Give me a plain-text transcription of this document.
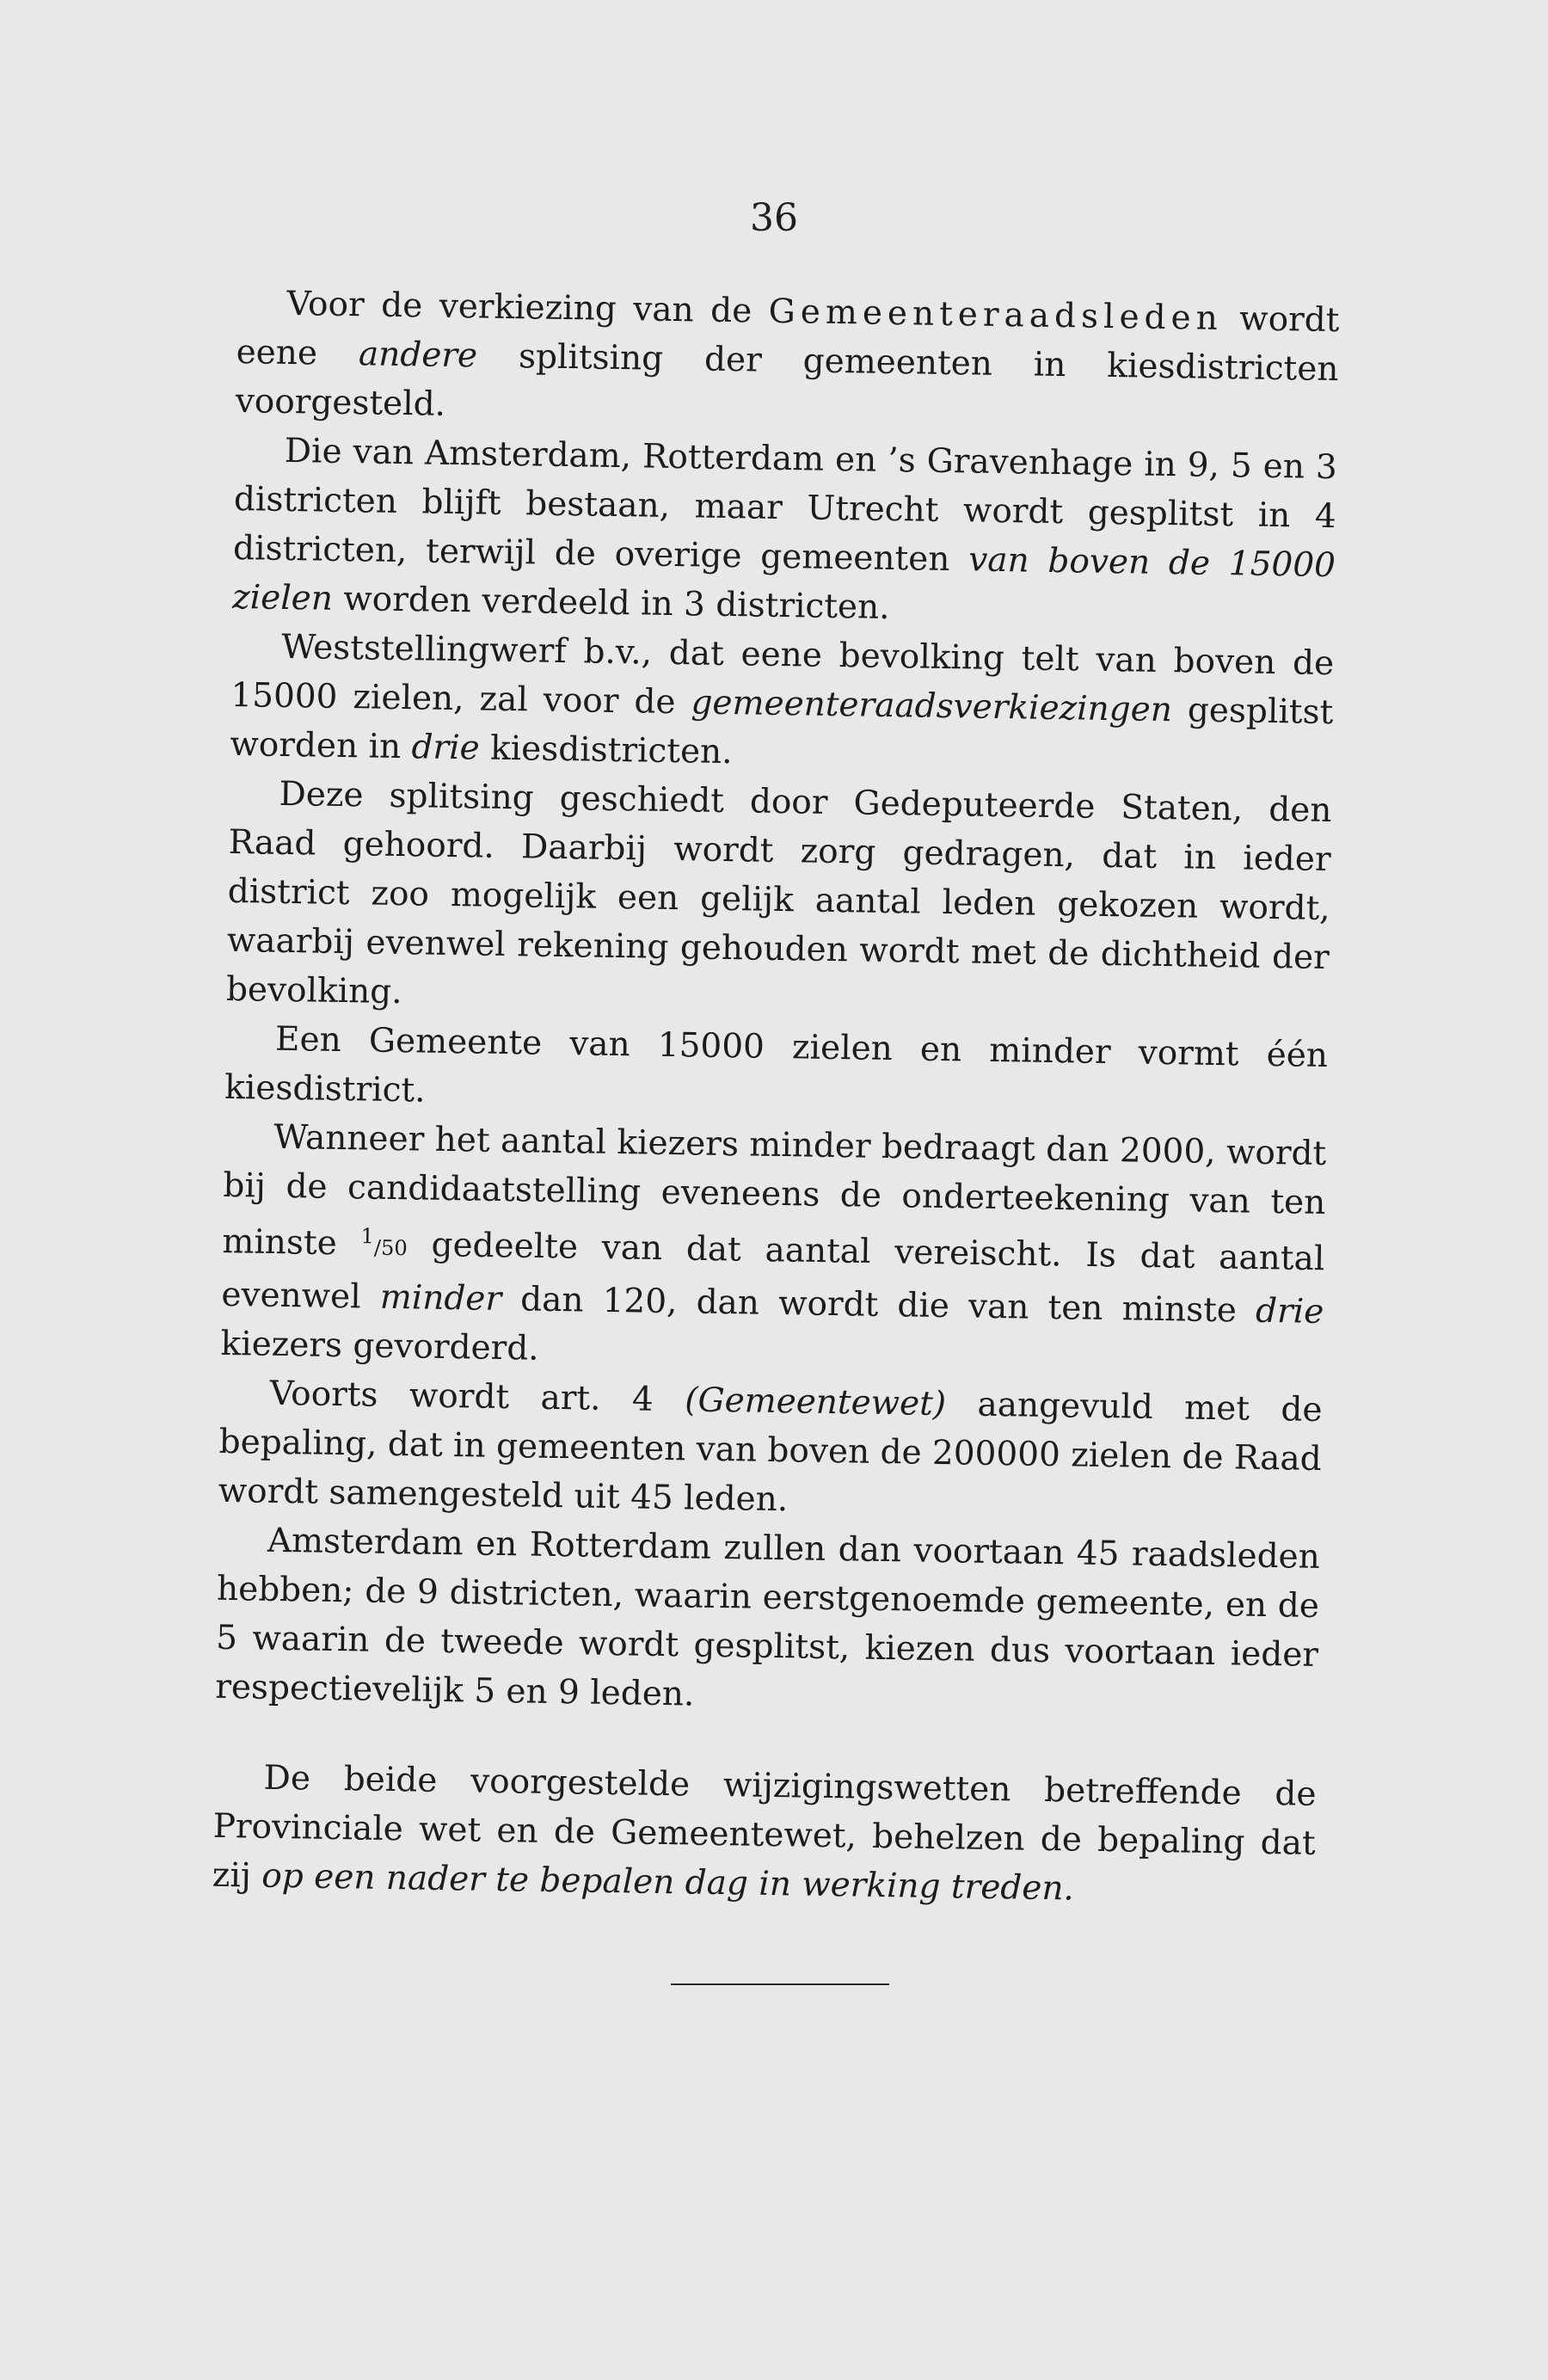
36

Voor de verkiezing van de Gemeenteraadsleden wordt eene andere splitsing der gemeenten in kiesdistricten voorgesteld.

Die van Amsterdam, Rotterdam en ’s Gravenhage in 9, 5 en 3 districten blijft bestaan, maar Utrecht wordt gesplitst in 4 districten, terwijl de overige gemeenten van boven de 15000 zielen worden verdeeld in 3 districten.

Weststellingwerf b.v., dat eene bevolking telt van boven de 15000 zielen, zal voor de gemeenteraadsverkiezingen gesplitst worden in drie kiesdistricten.

Deze splitsing geschiedt door Gedeputeerde Staten, den Raad gehoord. Daarbij wordt zorg gedragen, dat in ieder district zoo mogelijk een gelijk aantal leden gekozen wordt, waarbij evenwel rekening gehouden wordt met de dichtheid der bevolking.

Een Gemeente van 15000 zielen en minder vormt één kiesdistrict.

Wanneer het aantal kiezers minder bedraagt dan 2000, wordt bij de candidaatstelling eveneens de onderteekening van ten minste $^1$/50 gedeelte van dat aantal vereischt. Is dat aantal evenwel minder dan 120, dan wordt die van ten minste drie kiezers gevorderd.

Voorts wordt art. 4 (Gemeentewet) aangevuld met de bepaling, dat in gemeenten van boven de 200000 zielen de Raad wordt samengesteld uit 45 leden.

Amsterdam en Rotterdam zullen dan voortaan 45 raadsleden hebben; de 9 districten, waarin eerstgenoemde gemeente, en de 5 waarin de tweede wordt gesplitst, kiezen dus voortaan ieder respectievelijk 5 en 9 leden.

De beide voorgestelde wijzigingswetten betreffende de Provinciale wet en de Gemeentewet, behelzen de bepaling dat zij op een nader te bepalen dag in werking treden.
